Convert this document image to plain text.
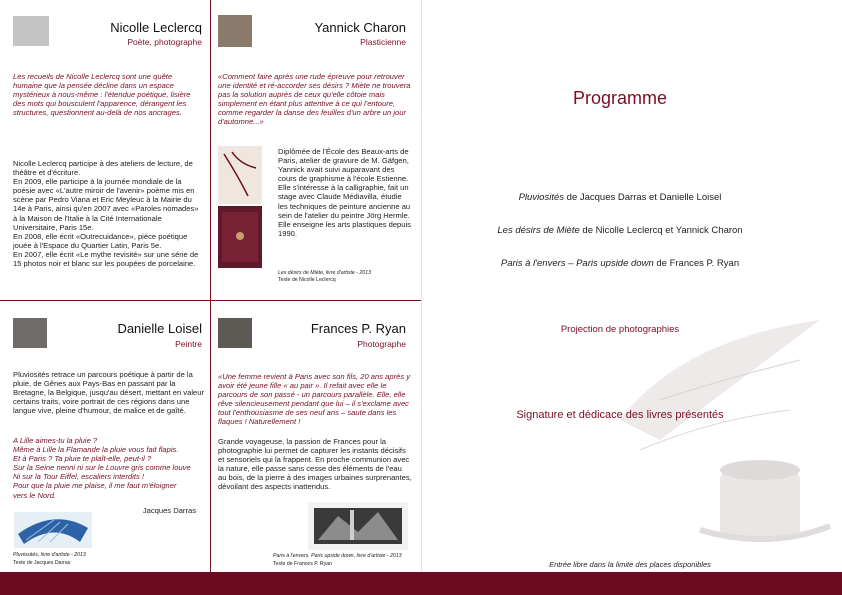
Nicolle Leclercq
Poète, photographe
Les recueils de Nicolle Leclercq sont une quête humaine que la pensée décline dans un espace mystérieux à nous-même : l'étendue poétique, lisière des mots qui bousculent l'apparence, dérangent les structures, questionnent au-delà de nos ancrages.
Nicolle Leclercq participe à des ateliers de lecture, de théâtre et d'écriture.
En 2009, elle participe à la journée mondiale de la poésie avec «L'autre miroir de l'avenir» poème mis en scène par Pedro Viana et Eric Meyleuc à la Mairie du 14e à Paris, ainsi qu'en 2007 avec «Paroles nomades» à la Maison de l'Italie à la Cité Internationale Universitaire, Paris 15e.
En 2008, elle écrit «Outrecuidance», pièce poétique jouée à l'Espace du Quartier Latin, Paris 5e.
En 2007, elle écrit «Le mythe revisité» sur une série de 15 photos noir et blanc sur les poupées de porcelaine.
Yannick Charon
Plasticienne
«Comment faire après une rude épreuve pour retrouver une identité et ré-accorder ses désirs ? Miète ne trouvera pas la solution auprès de ceux qu'elle côtoie mais simplement en étant plus attentive à ce qui l'entoure, comme regarder la danse des feuilles d'un arbre un jour d'automne...»
Diplômée de l'École des Beaux-arts de Paris, atelier de gravure de M. Gäfgen, Yannick avait suivi auparavant des cours de graphisme à l'école Estienne.
Elle s'intéresse à la calligraphie, fait un stage avec Claude Médiavilla, étudie les techniques de peinture ancienne au sein de l'atelier du peintre Jörg Hermle.
Elle enseigne les arts plastiques depuis 1990.
Les désirs de Miète, livre d'artiste - 2013
Texte de Nicolle Leclercq
Danielle Loisel
Peintre
Pluviosités retrace un parcours poétique à partir de la pluie, de Gênes aux Pays-Bas en passant par la Bretagne, la Belgique, jusqu'au désert, mettant en valeur certains traits, voire portrait de ces régions dans une langue vive, pleine d'humour, de malice et de gaîté.
A Lille aimes-tu la pluie ?
Même à Lille la Flamande la pluie vous fait flapis.
Et à Paris ? Ta pluie te plaît-elle, peut-il ?
Sur la Seine nenni ni sur le Louvre gris comme louve
Ni sur la Tour Eiffel, escaliers interdits !
Pour que la pluie me plaise, il me faut m'éloigner
vers le Nord.
Jacques Darras
Pluviosités, livre d'artiste - 2013
Texte de Jacques Darras
Frances P. Ryan
Photographe
«Une femme revient à Paris avec son fils, 20 ans après y avoir été jeune fille « au pair ». Il refait avec elle le parcours de son passé - un parcours parallèle. Elle, elle rêve silencieusement pendant que lui – il s'exclame avec tout l'enthousiasme de ses neuf ans – saute dans les flaques ! Naturellement !
Grande voyageuse, la passion de Frances pour la photographie lui permet de capturer les instants décisifs et sensoriels qui la frappent. En proche communion avec la nature, elle passe sans cesse des éléments de l'eau au bois, de la pierre à des images urbaines surprenantes, dévoilant des aspects inattendus.
Paris à l'envers, Paris upside down, livre d'artiste - 2013
Texte de Frances P. Ryan
Programme
Pluviosités de Jacques Darras et Danielle Loisel
Les désirs de Miète de Nicolle Leclercq et Yannick Charon
Paris à l'envers – Paris upside down de Frances P. Ryan
Projection de photographies
Signature et dédicace des livres présentés
Entrée libre dans la limite des places disponibles
